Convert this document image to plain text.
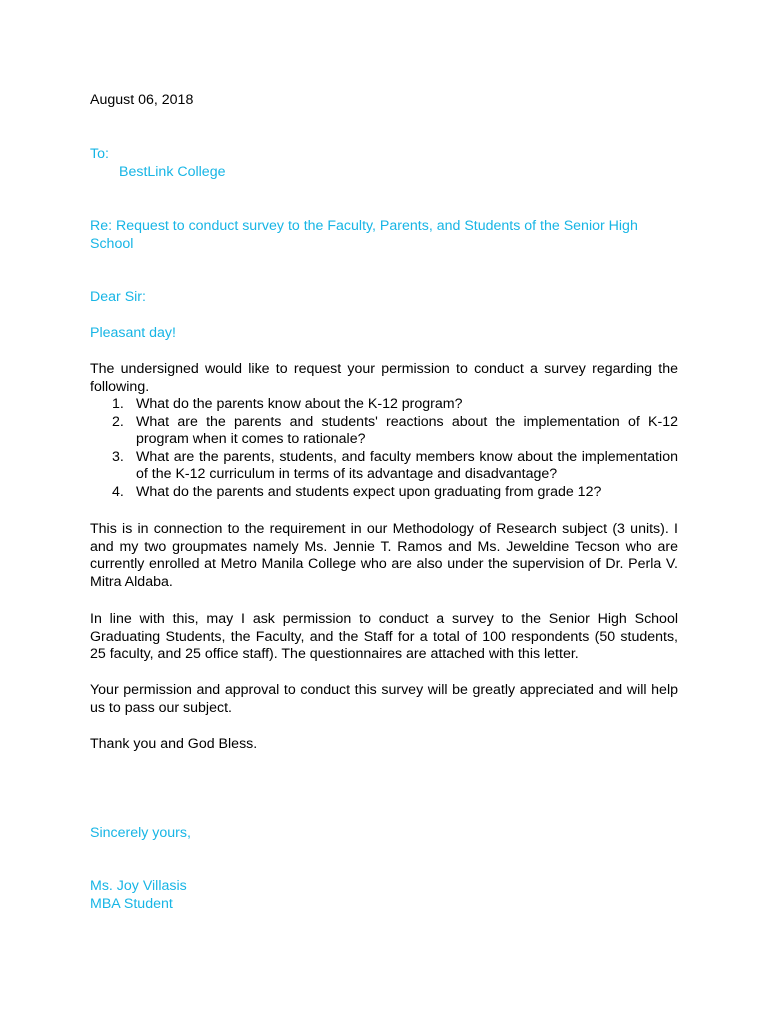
August 06, 2018

To:

BestLink College

Re: Request to conduct survey to the Faculty, Parents, and Students of the Senior High School

Dear Sir:

Pleasant day!

The undersigned would like to request your permission to conduct a survey regarding the following.

1. What do the parents know about the K-12 program?
2. What are the parents and students' reactions about the implementation of K-12 program when it comes to rationale?
3. What are the parents, students, and faculty members know about the implementation of the K-12 curriculum in terms of its advantage and disadvantage?
4. What do the parents and students expect upon graduating from grade 12?

This is in connection to the requirement in our Methodology of Research subject (3 units). I and my two groupmates namely Ms. Jennie T. Ramos and Ms. Jeweldine Tecson who are currently enrolled at Metro Manila College who are also under the supervision of Dr. Perla V. Mitra Aldaba.

In line with this, may I ask permission to conduct a survey to the Senior High School Graduating Students, the Faculty, and the Staff for a total of 100 respondents (50 students, 25 faculty, and 25 office staff). The questionnaires are attached with this letter.

Your permission and approval to conduct this survey will be greatly appreciated and will help us to pass our subject.

Thank you and God Bless.

Sincerely yours,

Ms. Joy Villasis

MBA Student
